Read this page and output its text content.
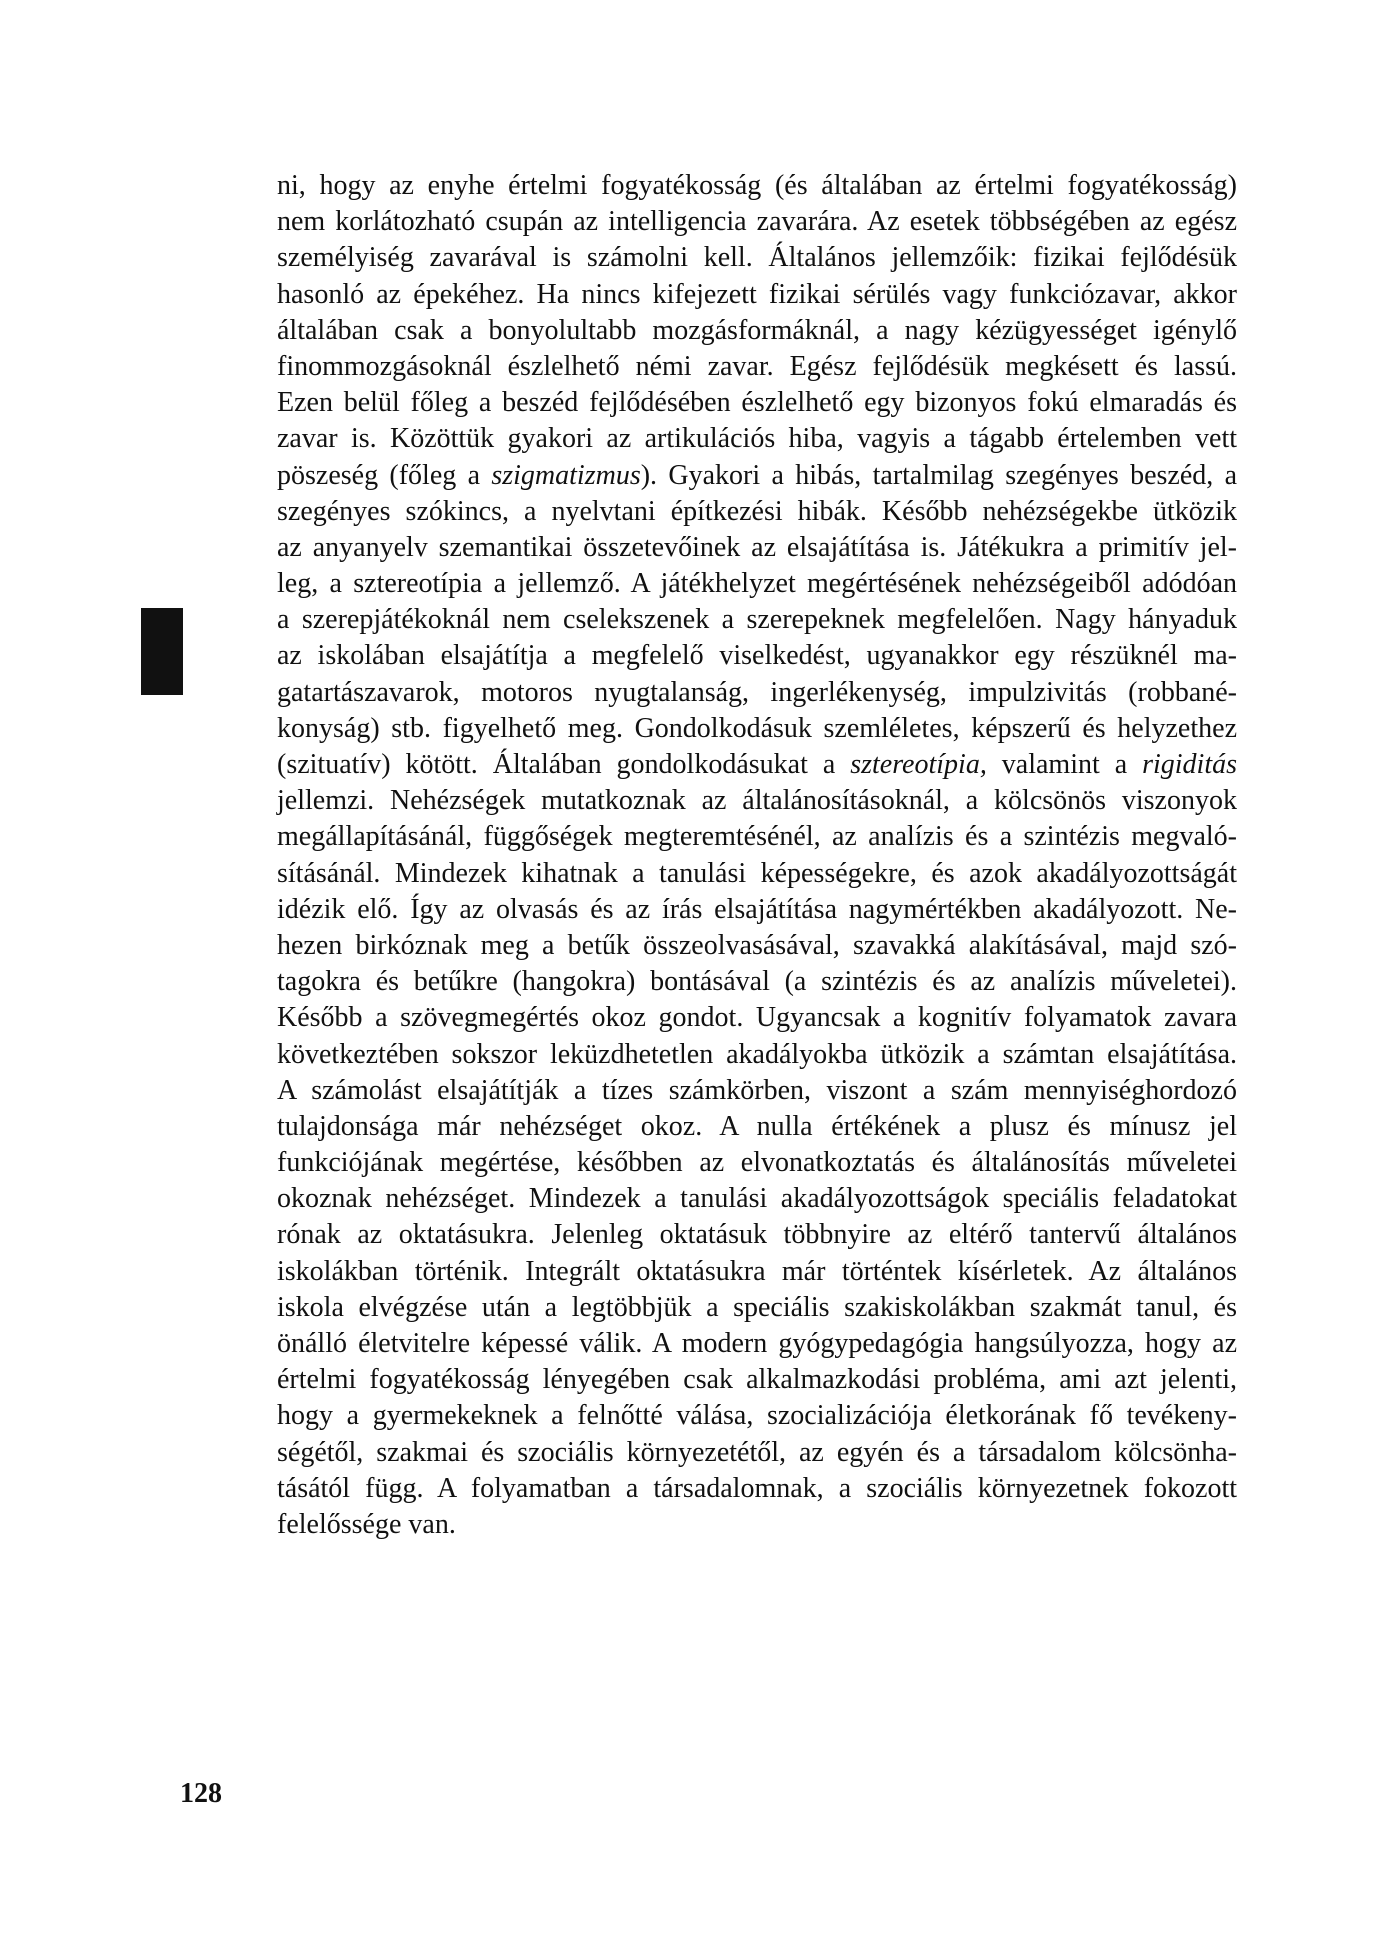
ni, hogy az enyhe értelmi fogyatékosság (és általában az értelmi fogyatékosság)
nem korlátozható csupán az intelligencia zavarára. Az esetek többségében az egész
személyiség zavarával is számolni kell. Általános jellemzőik: fizikai fejlődésük
hasonló az épekéhez. Ha nincs kifejezett fizikai sérülés vagy funkciózavar, akkor
általában csak a bonyolultabb mozgásformáknál, a nagy kézügyességet igénylő
finommozgásoknál észlelhető némi zavar. Egész fejlődésük megkésett és lassú.
Ezen belül főleg a beszéd fejlődésében észlelhető egy bizonyos fokú elmaradás és
zavar is. Közöttük gyakori az artikulációs hiba, vagyis a tágabb értelemben vett
pöszeség (főleg a szigmatizmus). Gyakori a hibás, tartalmilag szegényes beszéd, a
szegényes szókincs, a nyelvtani építkezési hibák. Később nehézségekbe ütközik
az anyanyelv szemantikai összetevőinek az elsajátítása is. Játékukra a primitív jel-
leg, a sztereotípia a jellemző. A játékhelyzet megértésének nehézségeiből adódóan
a szerepjátékoknál nem cselekszenek a szerepeknek megfelelően. Nagy hányaduk
az iskolában elsajátítja a megfelelő viselkedést, ugyanakkor egy részüknél ma-
gatartászavarok, motoros nyugtalanság, ingerlékenység, impulzivitás (robbané-
konyság) stb. figyelhető meg. Gondolkodásuk szemléletes, képszerű és helyzethez
(szituatív) kötött. Általában gondolkodásukat a sztereotípia, valamint a rigiditás
jellemzi. Nehézségek mutatkoznak az általánosításoknál, a kölcsönös viszonyok
megállapításánál, függőségek megteremtésénél, az analízis és a szintézis megvaló-
sításánál. Mindezek kihatnak a tanulási képességekre, és azok akadályozottságát
idézik elő. Így az olvasás és az írás elsajátítása nagymértékben akadályozott. Ne-
hezen birkóznak meg a betűk összeolvasásával, szavakká alakításával, majd szó-
tagokra és betűkre (hangokra) bontásával (a szintézis és az analízis műveletei).
Később a szövegmegértés okoz gondot. Ugyancsak a kognitív folyamatok zavara
következtében sokszor leküzdhetetlen akadályokba ütközik a számtan elsajátítása.
A számolást elsajátítják a tízes számkörben, viszont a szám mennyiséghordozó
tulajdonsága már nehézséget okoz. A nulla értékének a plusz és mínusz jel
funkciójának megértése, későbben az elvonatkoztatás és általánosítás műveletei
okoznak nehézséget. Mindezek a tanulási akadályozottságok speciális feladatokat
rónak az oktatásukra. Jelenleg oktatásuk többnyire az eltérő tantervű általános
iskolákban történik. Integrált oktatásukra már történtek kísérletek. Az általános
iskola elvégzése után a legtöbbjük a speciális szakiskolákban szakmát tanul, és
önálló életvitelre képessé válik. A modern gyógypedagógia hangsúlyozza, hogy az
értelmi fogyatékosság lényegében csak alkalmazkodási probléma, ami azt jelenti,
hogy a gyermekeknek a felnőtté válása, szocializációja életkorának fő tevékeny-
ségétől, szakmai és szociális környezetétől, az egyén és a társadalom kölcsönha-
tásától függ. A folyamatban a társadalomnak, a szociális környezetnek fokozott
felelőssége van.
128
